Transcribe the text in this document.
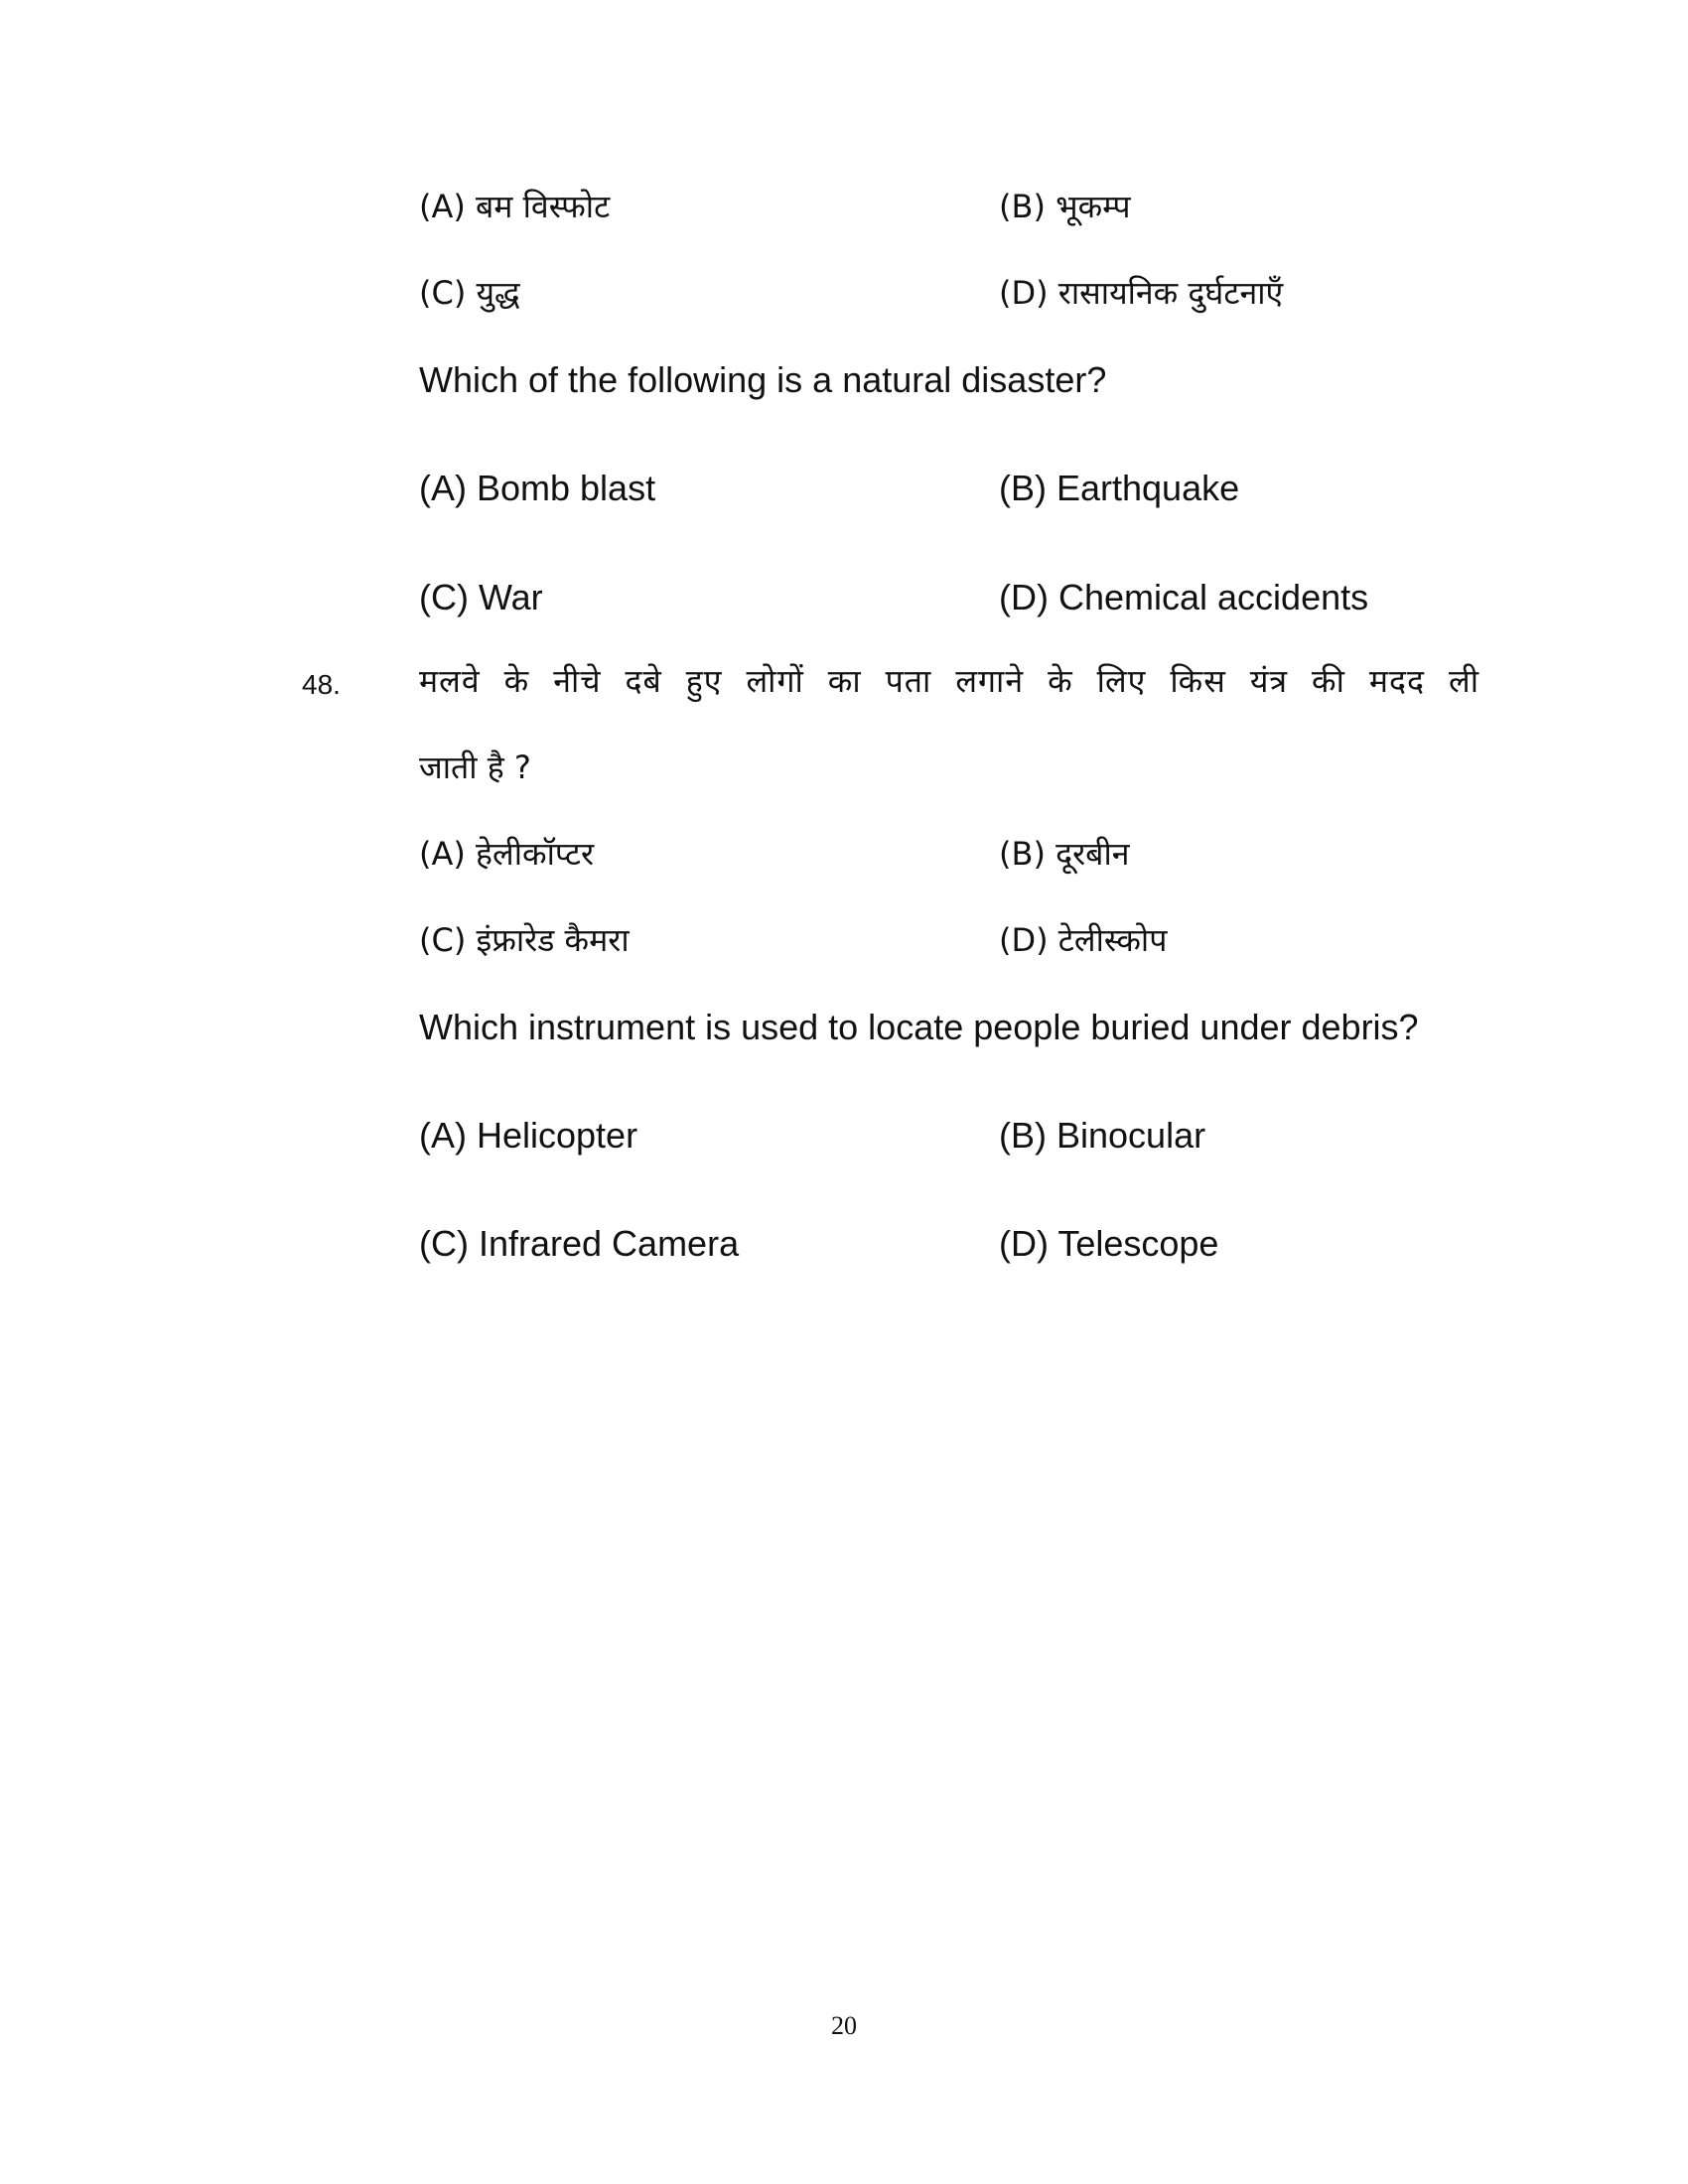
(A) बम विस्फोट	(B) भूकम्प
(C) युद्ध	(D) रासायनिक दुर्घटनाएँ
Which of the following is a natural disaster?
(A) Bomb blast	(B) Earthquake
(C) War	(D) Chemical accidents
48. मलवे के नीचे दबे हुए लोगों का पता लगाने के लिए किस यंत्र की मदद ली
जाती है ?
(A) हेलीकॉप्टर	(B) दूरबीन
(C) इंफ्रारेड कैमरा	(D) टेलीस्कोप
Which instrument is used to locate people buried under debris?
(A) Helicopter	(B) Binocular
(C) Infrared Camera	(D) Telescope
20
